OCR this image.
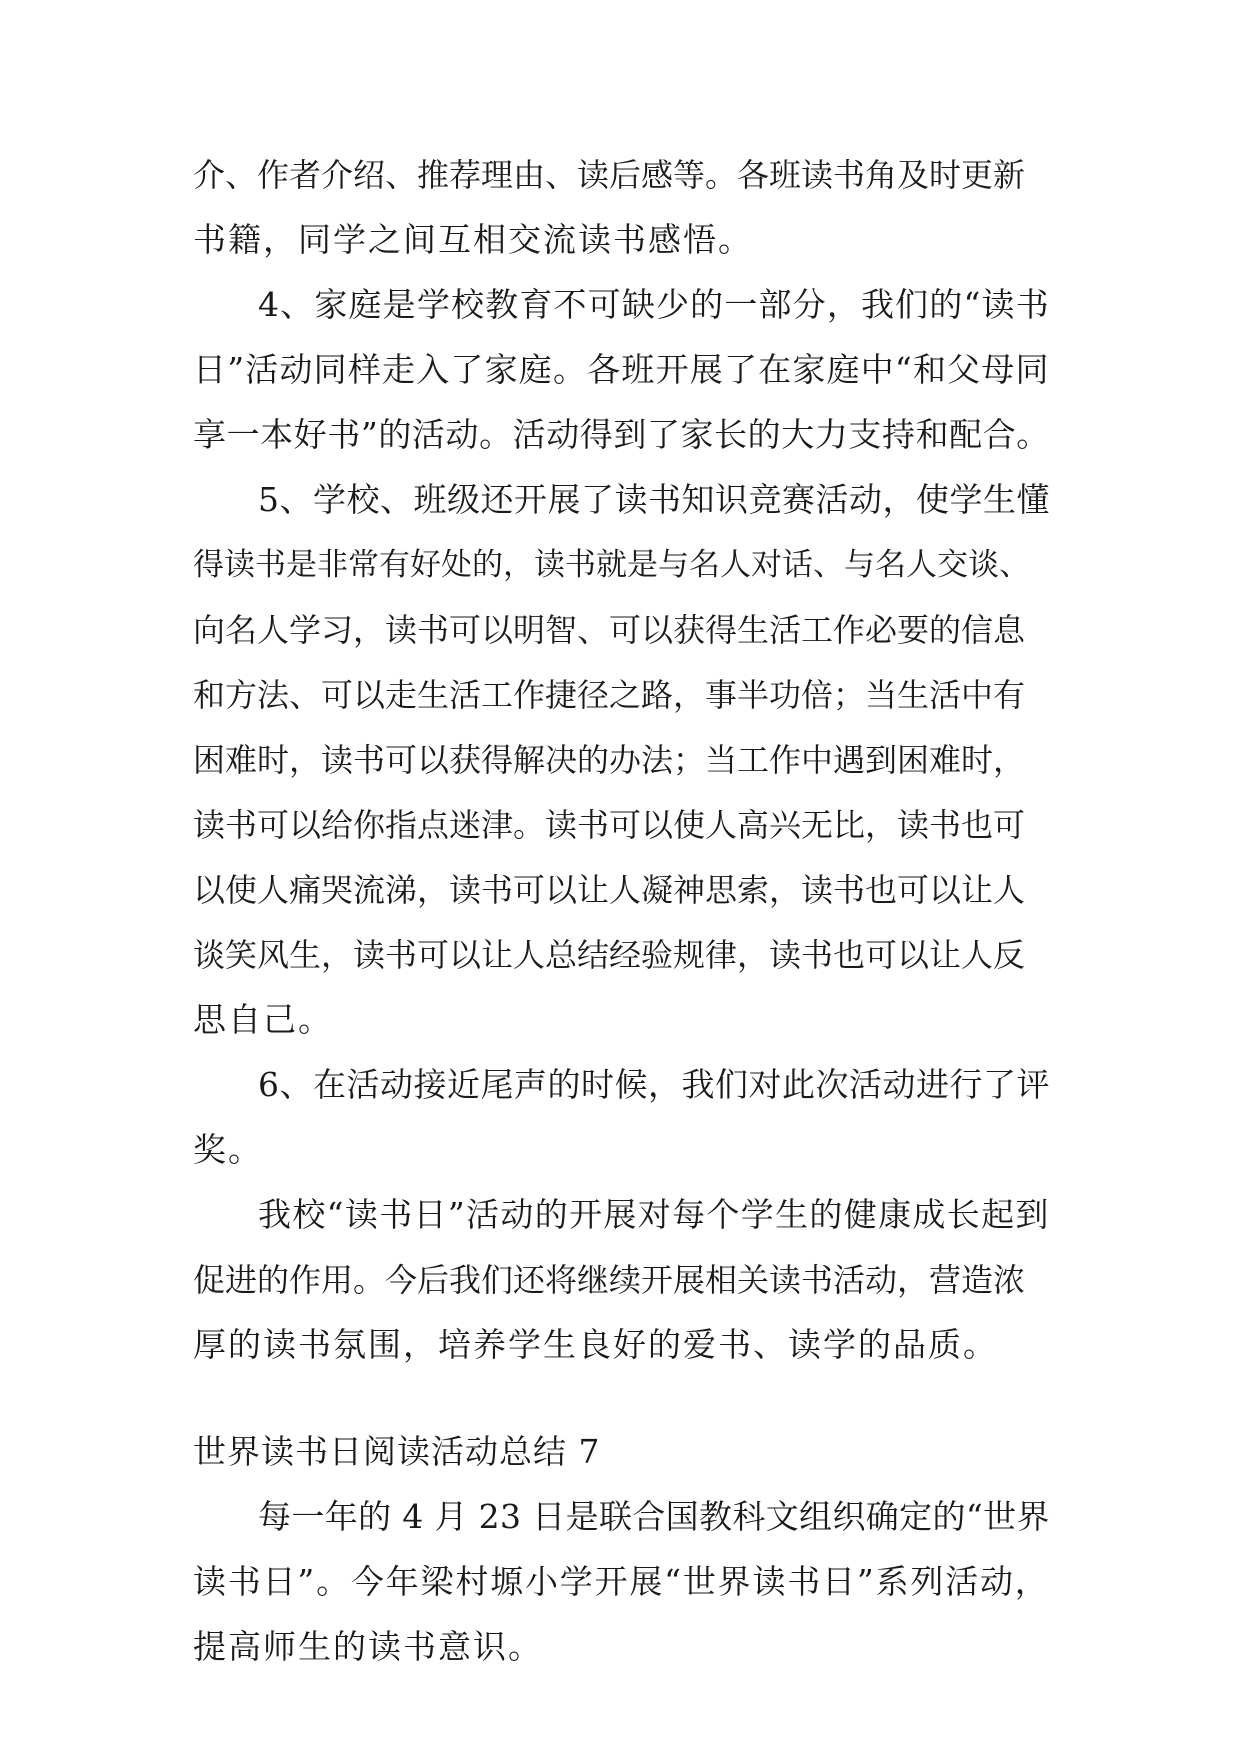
介、作者介绍、推荐理由、读后感等。各班读书角及时更新
书籍，同学之间互相交流读书感悟。
4、家庭是学校教育不可缺少的一部分，我们的“读书
日”活动同样走入了家庭。各班开展了在家庭中“和父母同
享一本好书”的活动。活动得到了家长的大力支持和配合。
5、学校、班级还开展了读书知识竞赛活动，使学生懂
得读书是非常有好处的，读书就是与名人对话、与名人交谈、
向名人学习，读书可以明智、可以获得生活工作必要的信息
和方法、可以走生活工作捷径之路，事半功倍；当生活中有
困难时，读书可以获得解决的办法；当工作中遇到困难时，
读书可以给你指点迷津。读书可以使人高兴无比，读书也可
以使人痛哭流涕，读书可以让人凝神思索，读书也可以让人
谈笑风生，读书可以让人总结经验规律，读书也可以让人反
思自己。
6、在活动接近尾声的时候，我们对此次活动进行了评
奖。
我校“读书日”活动的开展对每个学生的健康成长起到
促进的作用。今后我们还将继续开展相关读书活动，营造浓
厚的读书氛围，培养学生良好的爱书、读学的品质。
世界读书日阅读活动总结 7
每一年的 4 月 23 日是联合国教科文组织确定的“世界
读书日”。今年梁村塬小学开展“世界读书日”系列活动，
提高师生的读书意识。
